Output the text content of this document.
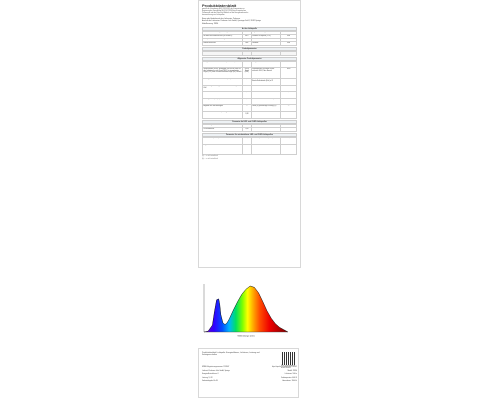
Produktdatenblatt
gemäß der Verordnung (EU) 2019/2015 der Kommission zur
Ergänzung der Verordnung (EU) 2017/1369 des Europäischen
Parlaments und des Rates im Hinblick auf die Energieverbrauchs-
kennzeichnung von Lichtquellen
Name oder Handelsmarke des Lieferanten: Paulmann
Anschrift des Lieferanten: Paulmann Licht GmbH, Quezinger Feld 2, 31832 Springe
Modellkennung: 78856
Art der Lichtquelle
Verwendete Beleuchtungstechnologie:	LED	Ungebündelt oder gebündelt:	NDLS
Mit oder ohne Netzanschluss (MLS/NMLS):	MLS	Vernetzte Lichtquelle (CLS):	nein
Lichtquelle mit Farbabstimmung:	nein	Kolbenform:	—
Blendschutzschild:	nein	Dimmbar:	nein
Produktparameter
Parameter	Wert	Parameter	Wert
Allgemeine Produktparameter
Energieverbrauch im Ein-Zustand (kWh/1000 h)	6	Energieeffizienzklasse	F
Nutzlichtstrom (Φuse), mit Angabe, ob sich der Wert auf den Lichtstrom in einer Kugel (360°), in einem breiten Kegel (120°) oder in einem schmalen Kegel (90°) bezieht	500 in Kugel (360°)	Farbtemperatur, gerundet auf die nächsten 100 K, oder Bereich	4000
Leistungsaufnahme im Ein-Zustand (Pon) in W	5,5	Leistungsaufnahme im Bereitschaftsbetrieb (Psb) in W	—
Farbwiedergabeindex, gerundet auf die nächste ganze Zahl	80	Mindestwert für R9	—
Lebensdauerfaktor	0,90	Lichtstromerhalt	0,90
Leistungsfaktor (cos φ1)	0,5	Farbkonsistenz in MacAdam-Ellipsen	6
Angaben zur Gleichwertigkeit	—	Wenn ja, gleichwertige Leistung (W)	—
Chromatizitätskoordinaten (x und y)	0,38 / 0,38		
Parameter für LED- und OLED-Lichtquellen
Farbwiedergabeindex R9	—	Überlebensfaktor	—
Lichtstromerhalt	0,90		
Parameter für netzbetriebene LED- und OLED-Lichtquellen
Flimmermetrik (Pst LM)	≤1,0	Stroboskopeffekt-Metrik (SVM)	≤0,4
Angaben zum zusätzlichen Nachweis der Konformität	—		
(a) — = nicht zutreffend
(b) — = nicht zutreffend
Wellenlänge (nm)
Produktdatenblatt Lichtquelle: Energieeffizienz, Lichtstrom, Leistung und Farbeigenschaften
Mehr Informationen zu diesem Produkt
EPREL-Registrierungsnummer: 1234567	https://eprel.ec.europa.eu/qr/1234567
Lieferant: Paulmann Licht GmbH, Springe	Modell: 78856
Energieeffizienzklasse: F	Lichtstrom: 500 lm
Leistung: 5,5 W	Farbtemperatur: 4000 K
Farbwiedergabe: Ra 80	Lebensdauer: 15000 h
